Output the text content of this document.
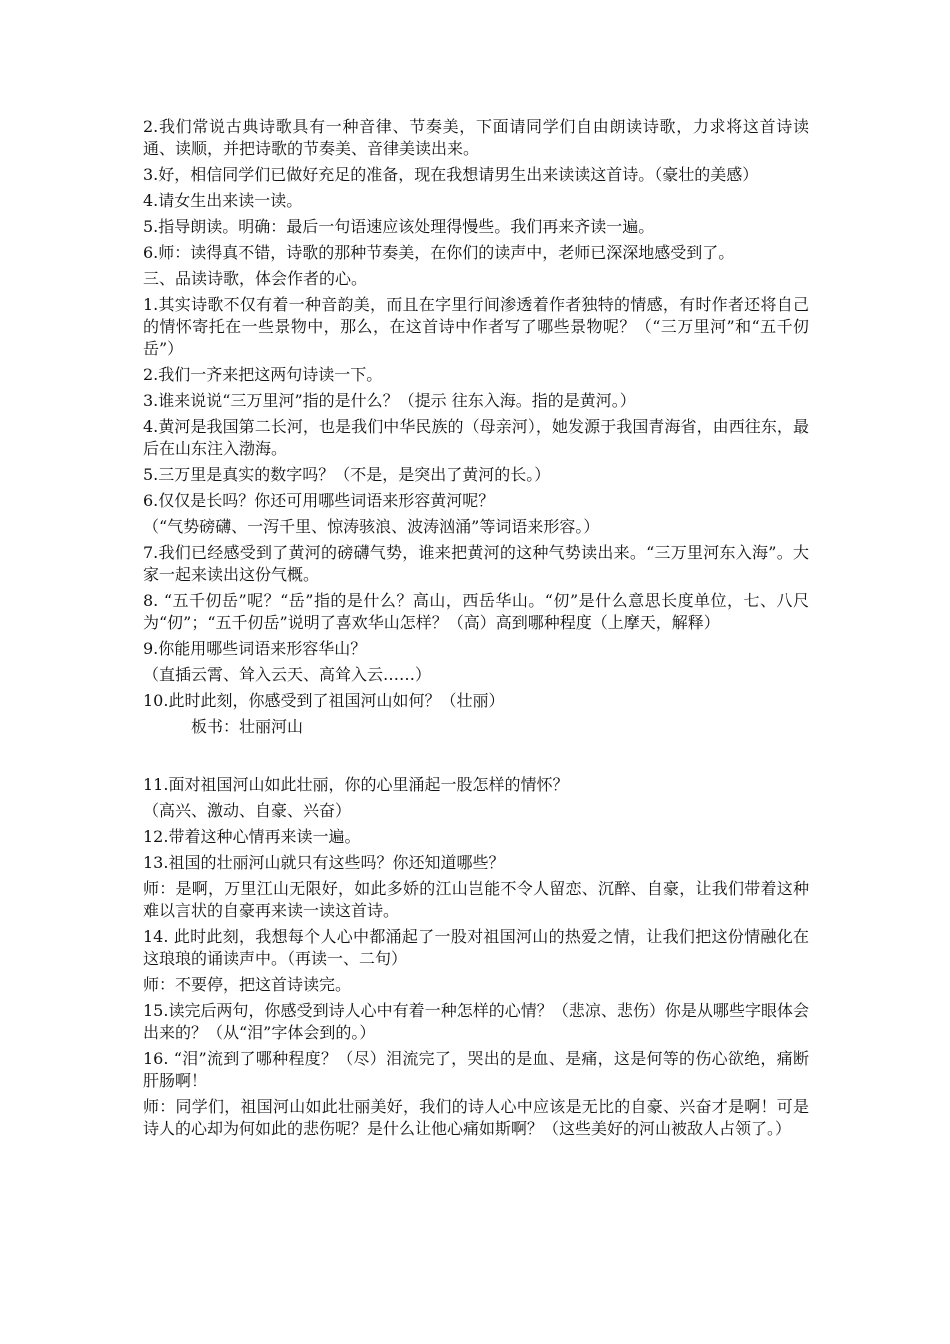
2.我们常说古典诗歌具有一种音律、节奏美，下面请同学们自由朗读诗歌，力求将这首诗读通、读顺，并把诗歌的节奏美、音律美读出来。

3.好，相信同学们已做好充足的准备，现在我想请男生出来读读这首诗。（豪壮的美感）

4.请女生出来读一读。

5.指导朗读。明确：最后一句语速应该处理得慢些。我们再来齐读一遍。

6.师：读得真不错，诗歌的那种节奏美，在你们的读声中，老师已深深地感受到了。

三、品读诗歌，体会作者的心。

1.其实诗歌不仅有着一种音韵美，而且在字里行间渗透着作者独特的情感，有时作者还将自己的情怀寄托在一些景物中，那么，在这首诗中作者写了哪些景物呢？（“三万里河”和“五千仞岳”）

2.我们一齐来把这两句诗读一下。

3.谁来说说“三万里河”指的是什么？（提示 往东入海。指的是黄河。）

4.黄河是我国第二长河，也是我们中华民族的（母亲河），她发源于我国青海省，由西往东，最后在山东注入渤海。

5.三万里是真实的数字吗？（不是，是突出了黄河的长。）

6.仅仅是长吗？你还可用哪些词语来形容黄河呢？

（“气势磅礴、一泻千里、惊涛骇浪、波涛汹涌”等词语来形容。）

7.我们已经感受到了黄河的磅礴气势，谁来把黄河的这种气势读出来。“三万里河东入海”。大家一起来读出这份气概。

8. “五千仞岳”呢？“岳”指的是什么？高山，西岳华山。“仞”是什么意思长度单位，七、八尺为“仞”；“五千仞岳”说明了喜欢华山怎样？（高）高到哪种程度（上摩天，解释）

9.你能用哪些词语来形容华山？

（直插云霄、耸入云天、高耸入云……）

10.此时此刻，你感受到了祖国河山如何？（壮丽）

板书：壮丽河山

11.面对祖国河山如此壮丽，你的心里涌起一股怎样的情怀？

（高兴、激动、自豪、兴奋）

12.带着这种心情再来读一遍。

13.祖国的壮丽河山就只有这些吗？你还知道哪些？

师：是啊，万里江山无限好，如此多娇的江山岂能不令人留恋、沉醉、自豪，让我们带着这种难以言状的自豪再来读一读这首诗。

14. 此时此刻，我想每个人心中都涌起了一股对祖国河山的热爱之情，让我们把这份情融化在这琅琅的诵读声中。（再读一、二句）

师：不要停，把这首诗读完。

15.读完后两句，你感受到诗人心中有着一种怎样的心情？（悲凉、悲伤）你是从哪些字眼体会出来的？（从“泪”字体会到的。）

16. “泪”流到了哪种程度？（尽）泪流完了，哭出的是血、是痛，这是何等的伤心欲绝，痛断肝肠啊！

师：同学们，祖国河山如此壮丽美好，我们的诗人心中应该是无比的自豪、兴奋才是啊！可是诗人的心却为何如此的悲伤呢？是什么让他心痛如斯啊？（这些美好的河山被敌人占领了。）
